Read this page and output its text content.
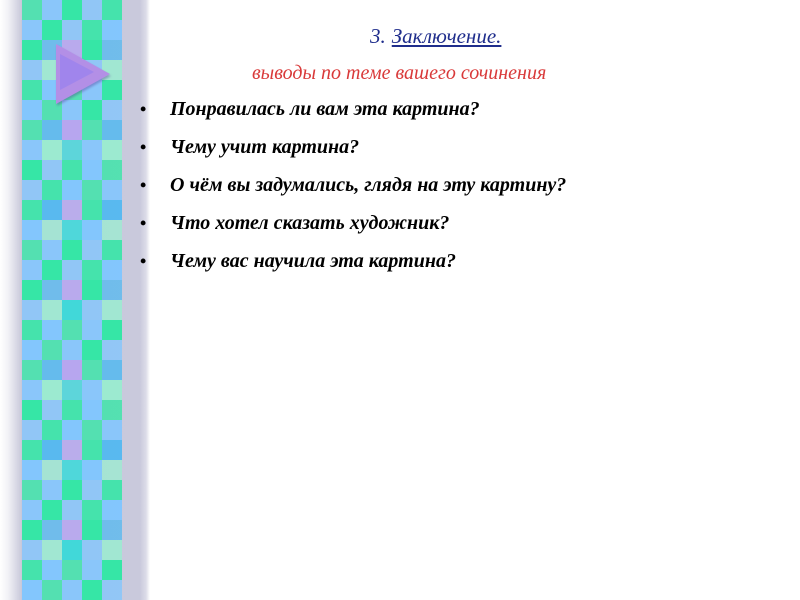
3. Заключение.
выводы по теме вашего сочинения
• Понравилась ли вам эта картина?
• Чему учит картина?
• О чём вы задумались, глядя на эту картину?
• Что хотел сказать художник?
• Чему вас научила эта картина?
